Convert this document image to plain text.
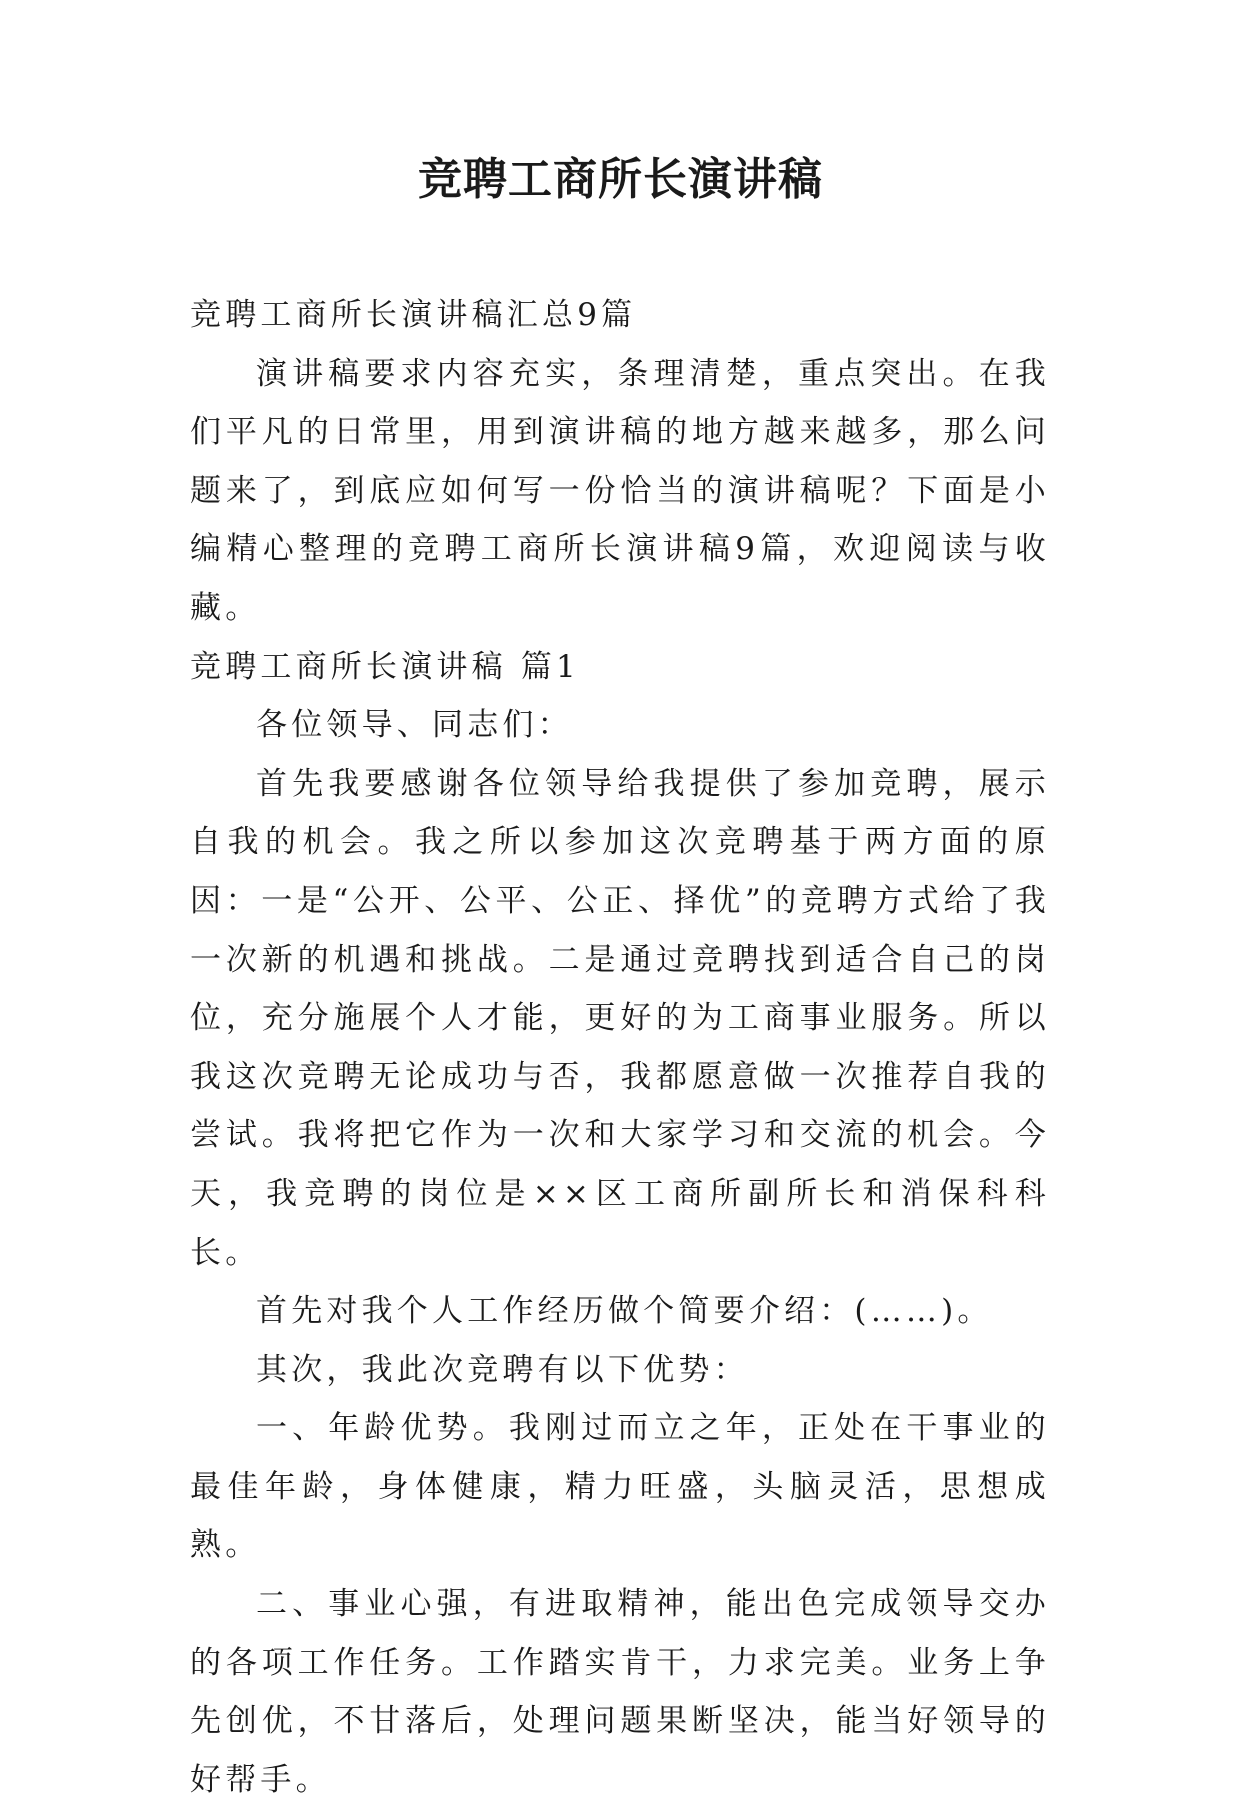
竞聘工商所长演讲稿

竞聘工商所长演讲稿汇总9篇

演讲稿要求内容充实，条理清楚，重点突出。在我们平凡的日常里，用到演讲稿的地方越来越多，那么问题来了，到底应如何写一份恰当的演讲稿呢？下面是小编精心整理的竞聘工商所长演讲稿9篇，欢迎阅读与收藏。

竞聘工商所长演讲稿 篇1

各位领导、同志们：

首先我要感谢各位领导给我提供了参加竞聘，展示自我的机会。我之所以参加这次竞聘基于两方面的原因：一是“公开、公平、公正、择优”的竞聘方式给了我一次新的机遇和挑战。二是通过竞聘找到适合自己的岗位，充分施展个人才能，更好的为工商事业服务。所以我这次竞聘无论成功与否，我都愿意做一次推荐自我的尝试。我将把它作为一次和大家学习和交流的机会。今天，我竞聘的岗位是××区工商所副所长和消保科科长。

首先对我个人工作经历做个简要介绍：(……)。

其次，我此次竞聘有以下优势：

一、年龄优势。我刚过而立之年，正处在干事业的最佳年龄，身体健康，精力旺盛，头脑灵活，思想成熟。

二、事业心强，有进取精神，能出色完成领导交办的各项工作任务。工作踏实肯干，力求完美。业务上争先创优，不甘落后，处理问题果断坚决，能当好领导的好帮手。
